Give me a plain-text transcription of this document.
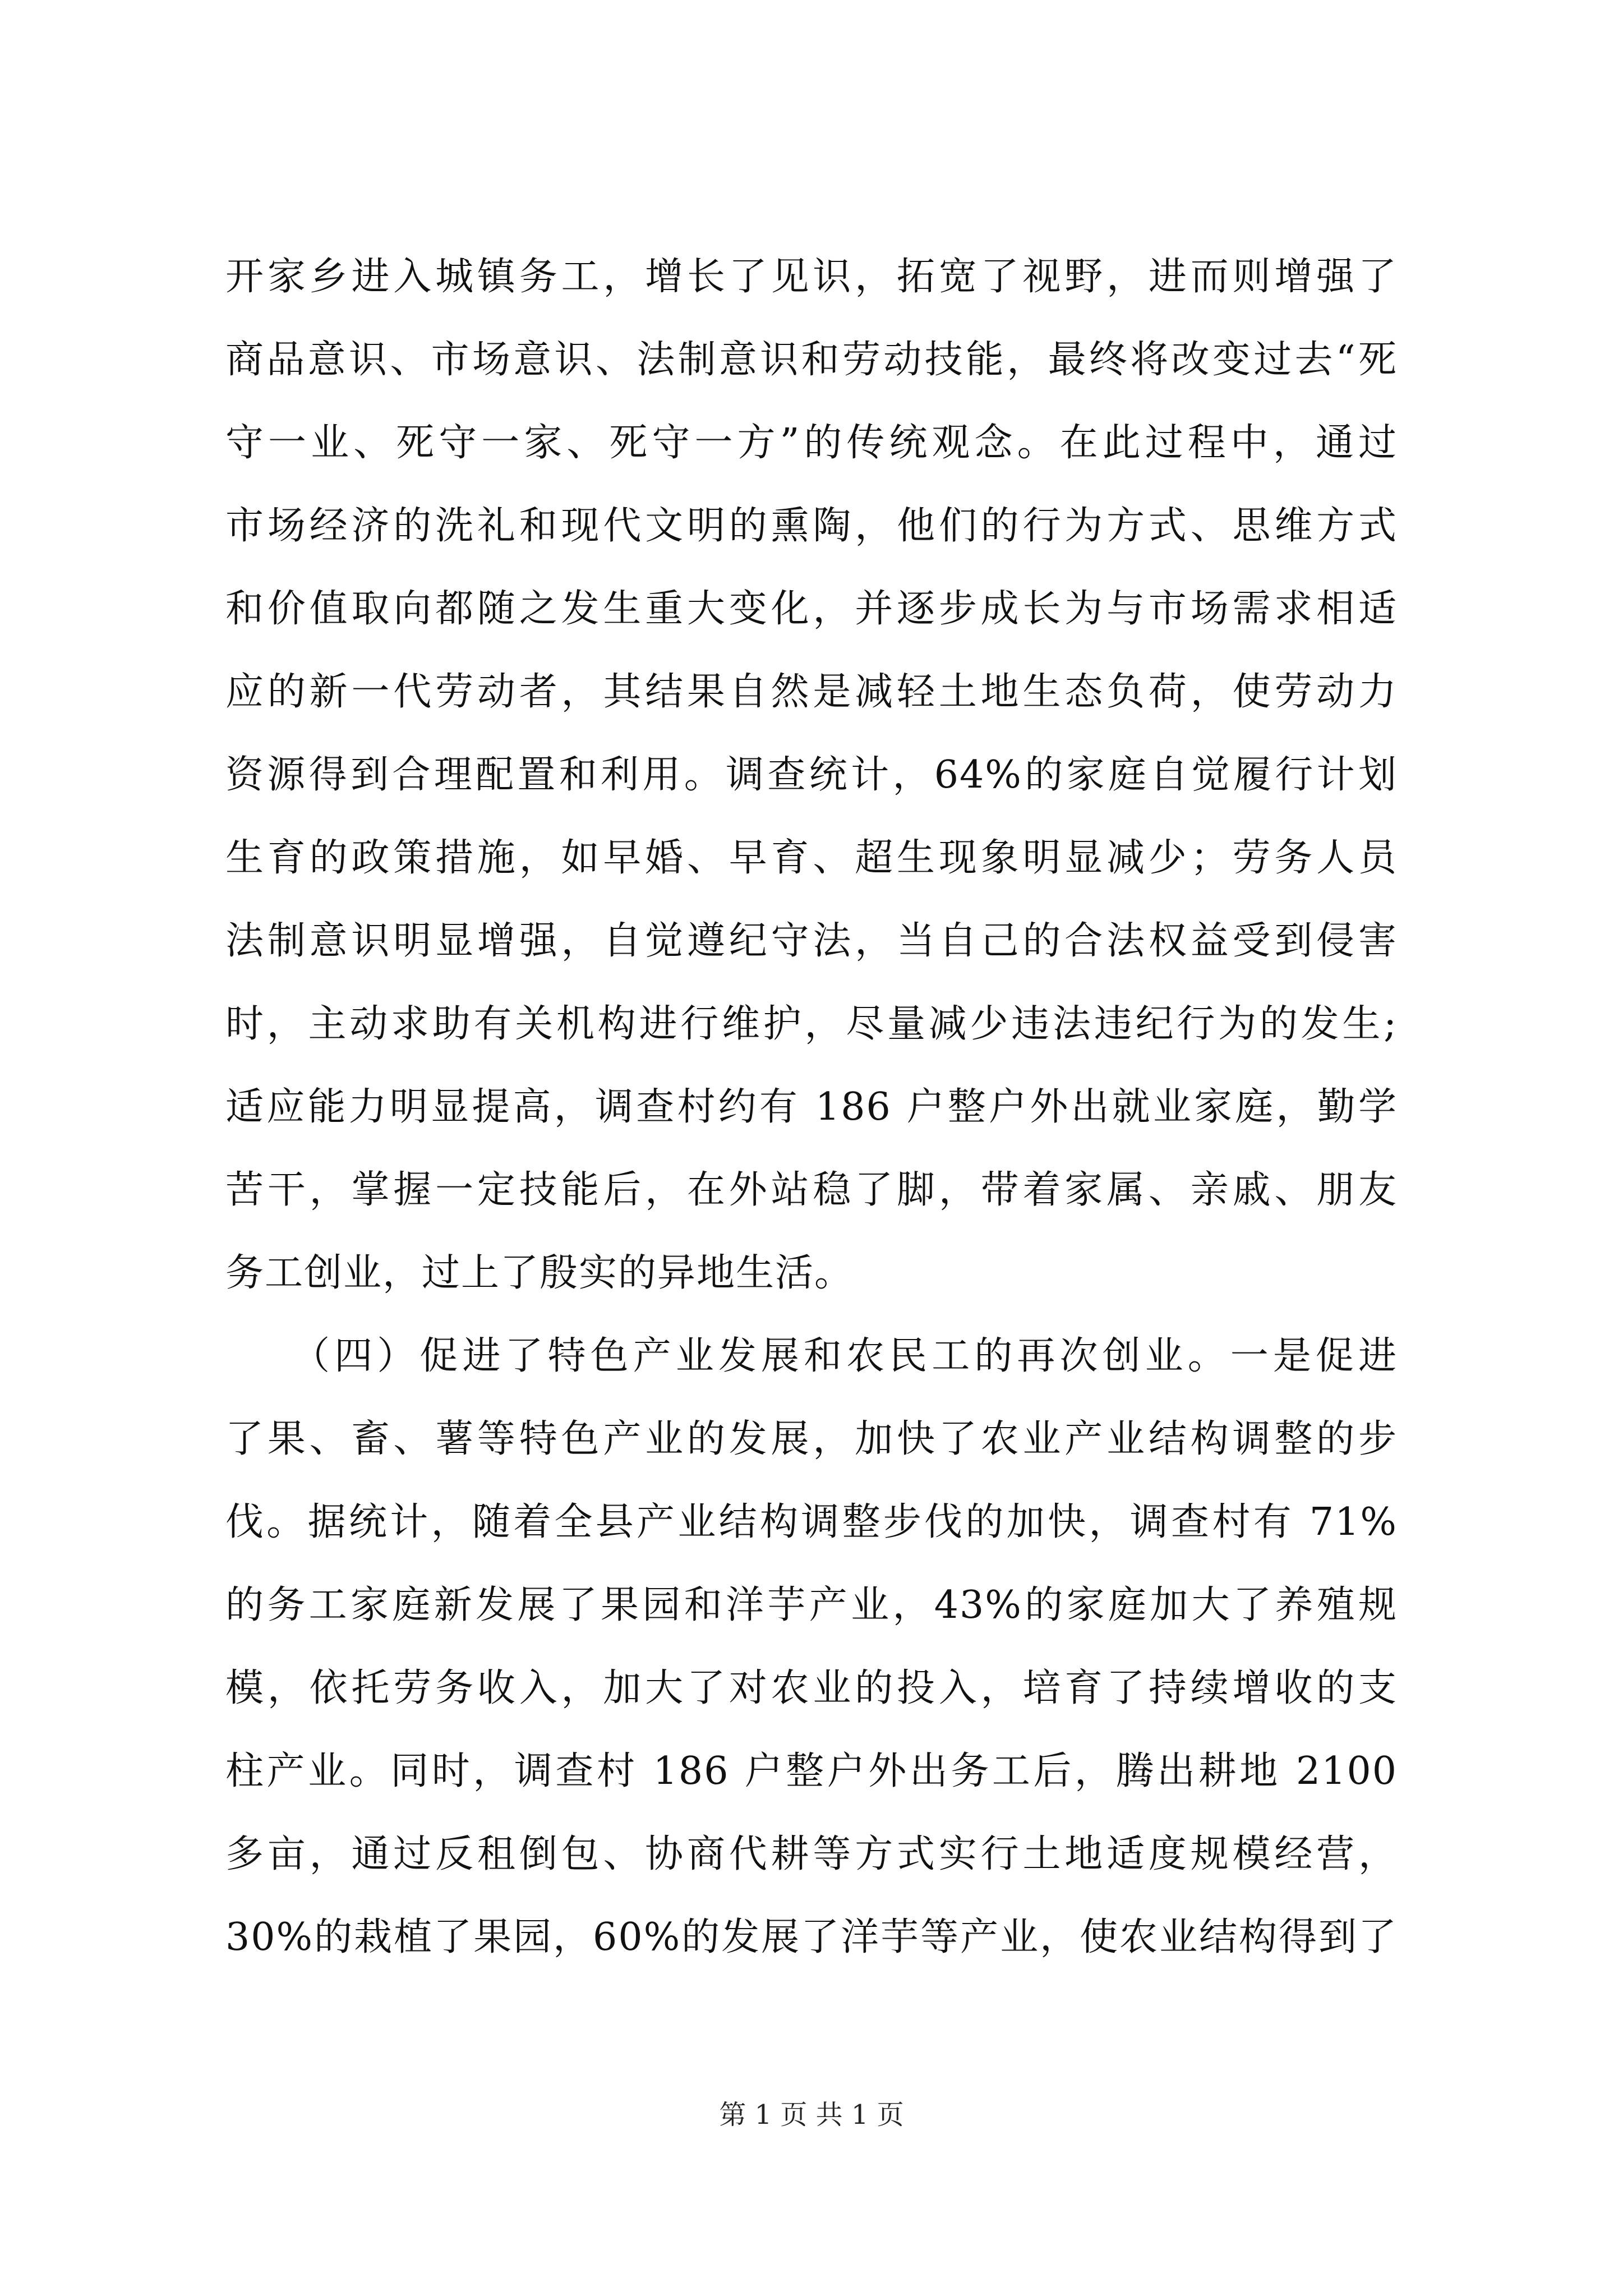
开家乡进入城镇务工，增长了见识，拓宽了视野，进而则增强了
商品意识、市场意识、法制意识和劳动技能，最终将改变过去“死
守一业、死守一家、死守一方”的传统观念。在此过程中，通过
市场经济的洗礼和现代文明的熏陶，他们的行为方式、思维方式
和价值取向都随之发生重大变化，并逐步成长为与市场需求相适
应的新一代劳动者，其结果自然是减轻土地生态负荷，使劳动力
资源得到合理配置和利用。调查统计，64%的家庭自觉履行计划
生育的政策措施，如早婚、早育、超生现象明显减少；劳务人员
法制意识明显增强，自觉遵纪守法，当自己的合法权益受到侵害
时，主动求助有关机构进行维护，尽量减少违法违纪行为的发生;
适应能力明显提高，调查村约有 186 户整户外出就业家庭，勤学
苦干，掌握一定技能后，在外站稳了脚，带着家属、亲戚、朋友
务工创业，过上了殷实的异地生活。
　　（四）促进了特色产业发展和农民工的再次创业。一是促进
了果、畜、薯等特色产业的发展，加快了农业产业结构调整的步
伐。据统计，随着全县产业结构调整步伐的加快，调查村有 71%
的务工家庭新发展了果园和洋芋产业，43%的家庭加大了养殖规
模，依托劳务收入，加大了对农业的投入，培育了持续增收的支
柱产业。同时，调查村 186 户整户外出务工后，腾出耕地 2100
多亩，通过反租倒包、协商代耕等方式实行土地适度规模经营，
30%的栽植了果园，60%的发展了洋芋等产业，使农业结构得到了
第 1 页 共 1 页
